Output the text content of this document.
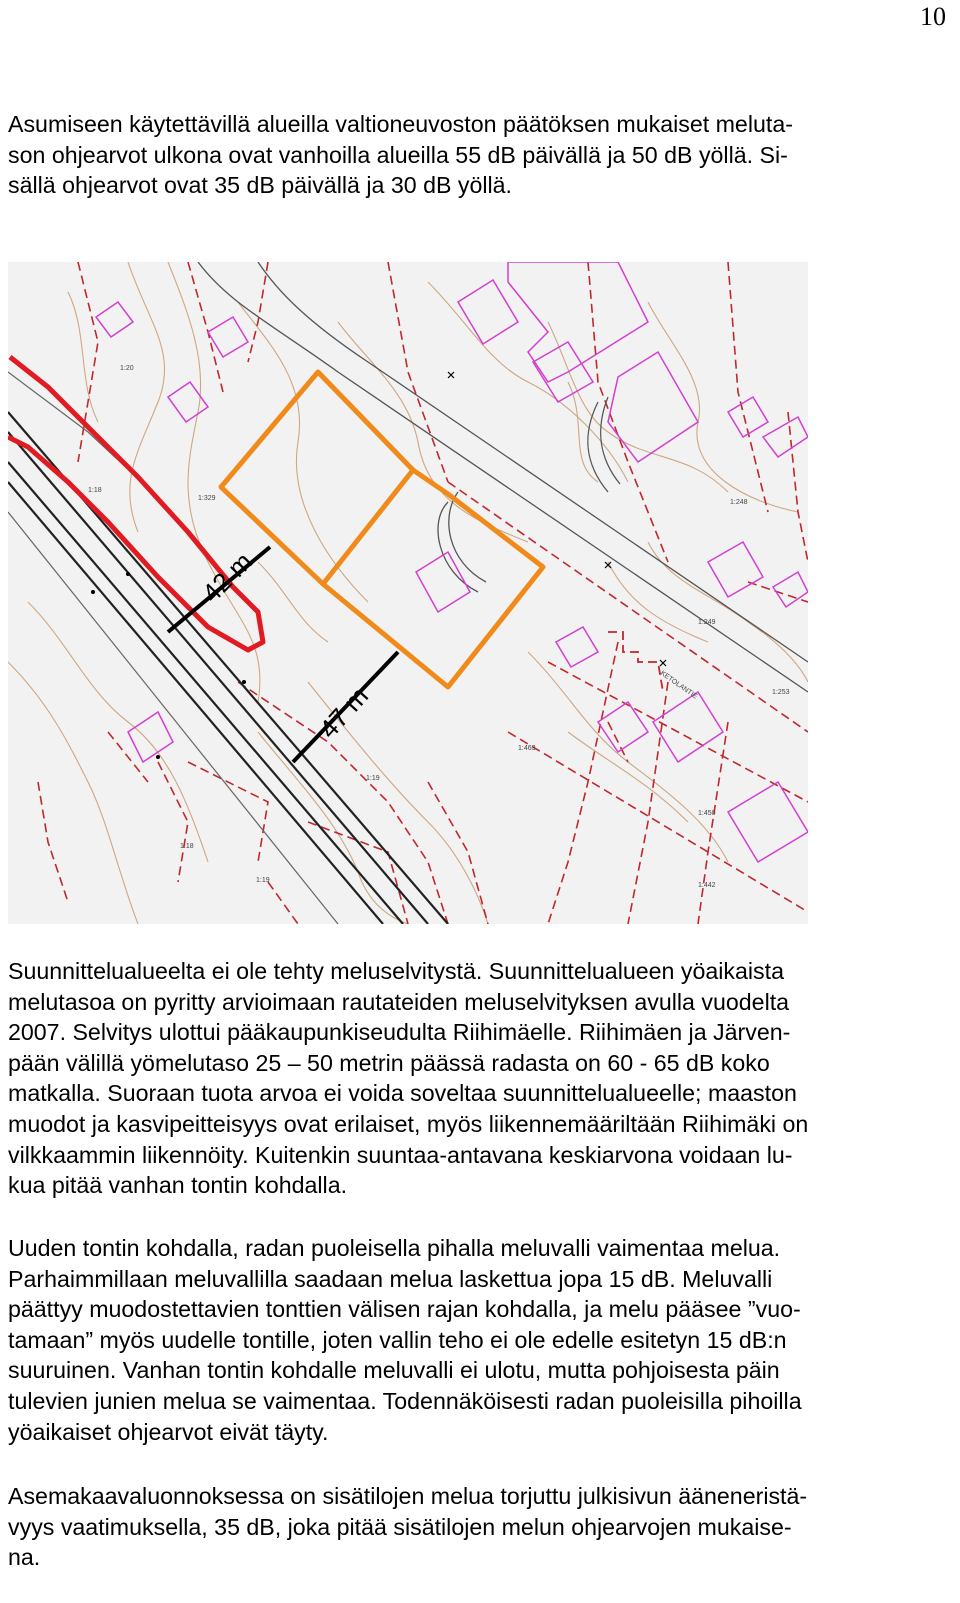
10
Asumiseen käytettävillä alueilla valtioneuvoston päätöksen mukaiset meluta-
son ohjearvot ulkona ovat vanhoilla alueilla 55 dB päivällä ja 50 dB yöllä. Si-
sällä ohjearvot ovat 35 dB päivällä ja 30 dB yöllä.
42 m
47 m
1:20
1:18
1:329
1:248
1:249
1:253
1:463
1:450
1:442
1:19
1:18
1:19
KETOLANTIE
Suunnittelualueelta ei ole tehty meluselvitystä. Suunnittelualueen yöaikaista
melutasoa on pyritty arvioimaan rautateiden meluselvityksen avulla vuodelta
2007. Selvitys ulottui pääkaupunkiseudulta Riihimäelle. Riihimäen ja Järven-
pään välillä yömelutaso 25 – 50 metrin päässä radasta on 60 - 65 dB koko
matkalla. Suoraan tuota arvoa ei voida soveltaa suunnittelualueelle; maaston
muodot ja kasvipeitteisyys ovat erilaiset, myös liikennemääriltään Riihimäki on
vilkkaammin liikennöity. Kuitenkin suuntaa-antavana keskiarvona voidaan lu-
kua pitää vanhan tontin kohdalla.
Uuden tontin kohdalla, radan puoleisella pihalla meluvalli vaimentaa melua.
Parhaimmillaan meluvallilla saadaan melua laskettua jopa 15 dB. Meluvalli
päättyy muodostettavien tonttien välisen rajan kohdalla, ja melu pääsee ”vuo-
tamaan” myös uudelle tontille, joten vallin teho ei ole edelle esitetyn 15 dB:n
suuruinen. Vanhan tontin kohdalle meluvalli ei ulotu, mutta pohjoisesta päin
tulevien junien melua se vaimentaa. Todennäköisesti radan puoleisilla pihoilla
yöaikaiset ohjearvot eivät täyty.
Asemakaavaluonnoksessa on sisätilojen melua torjuttu julkisivun ääneneristä-
vyys vaatimuksella, 35 dB, joka pitää sisätilojen melun ohjearvojen mukaise-
na.
